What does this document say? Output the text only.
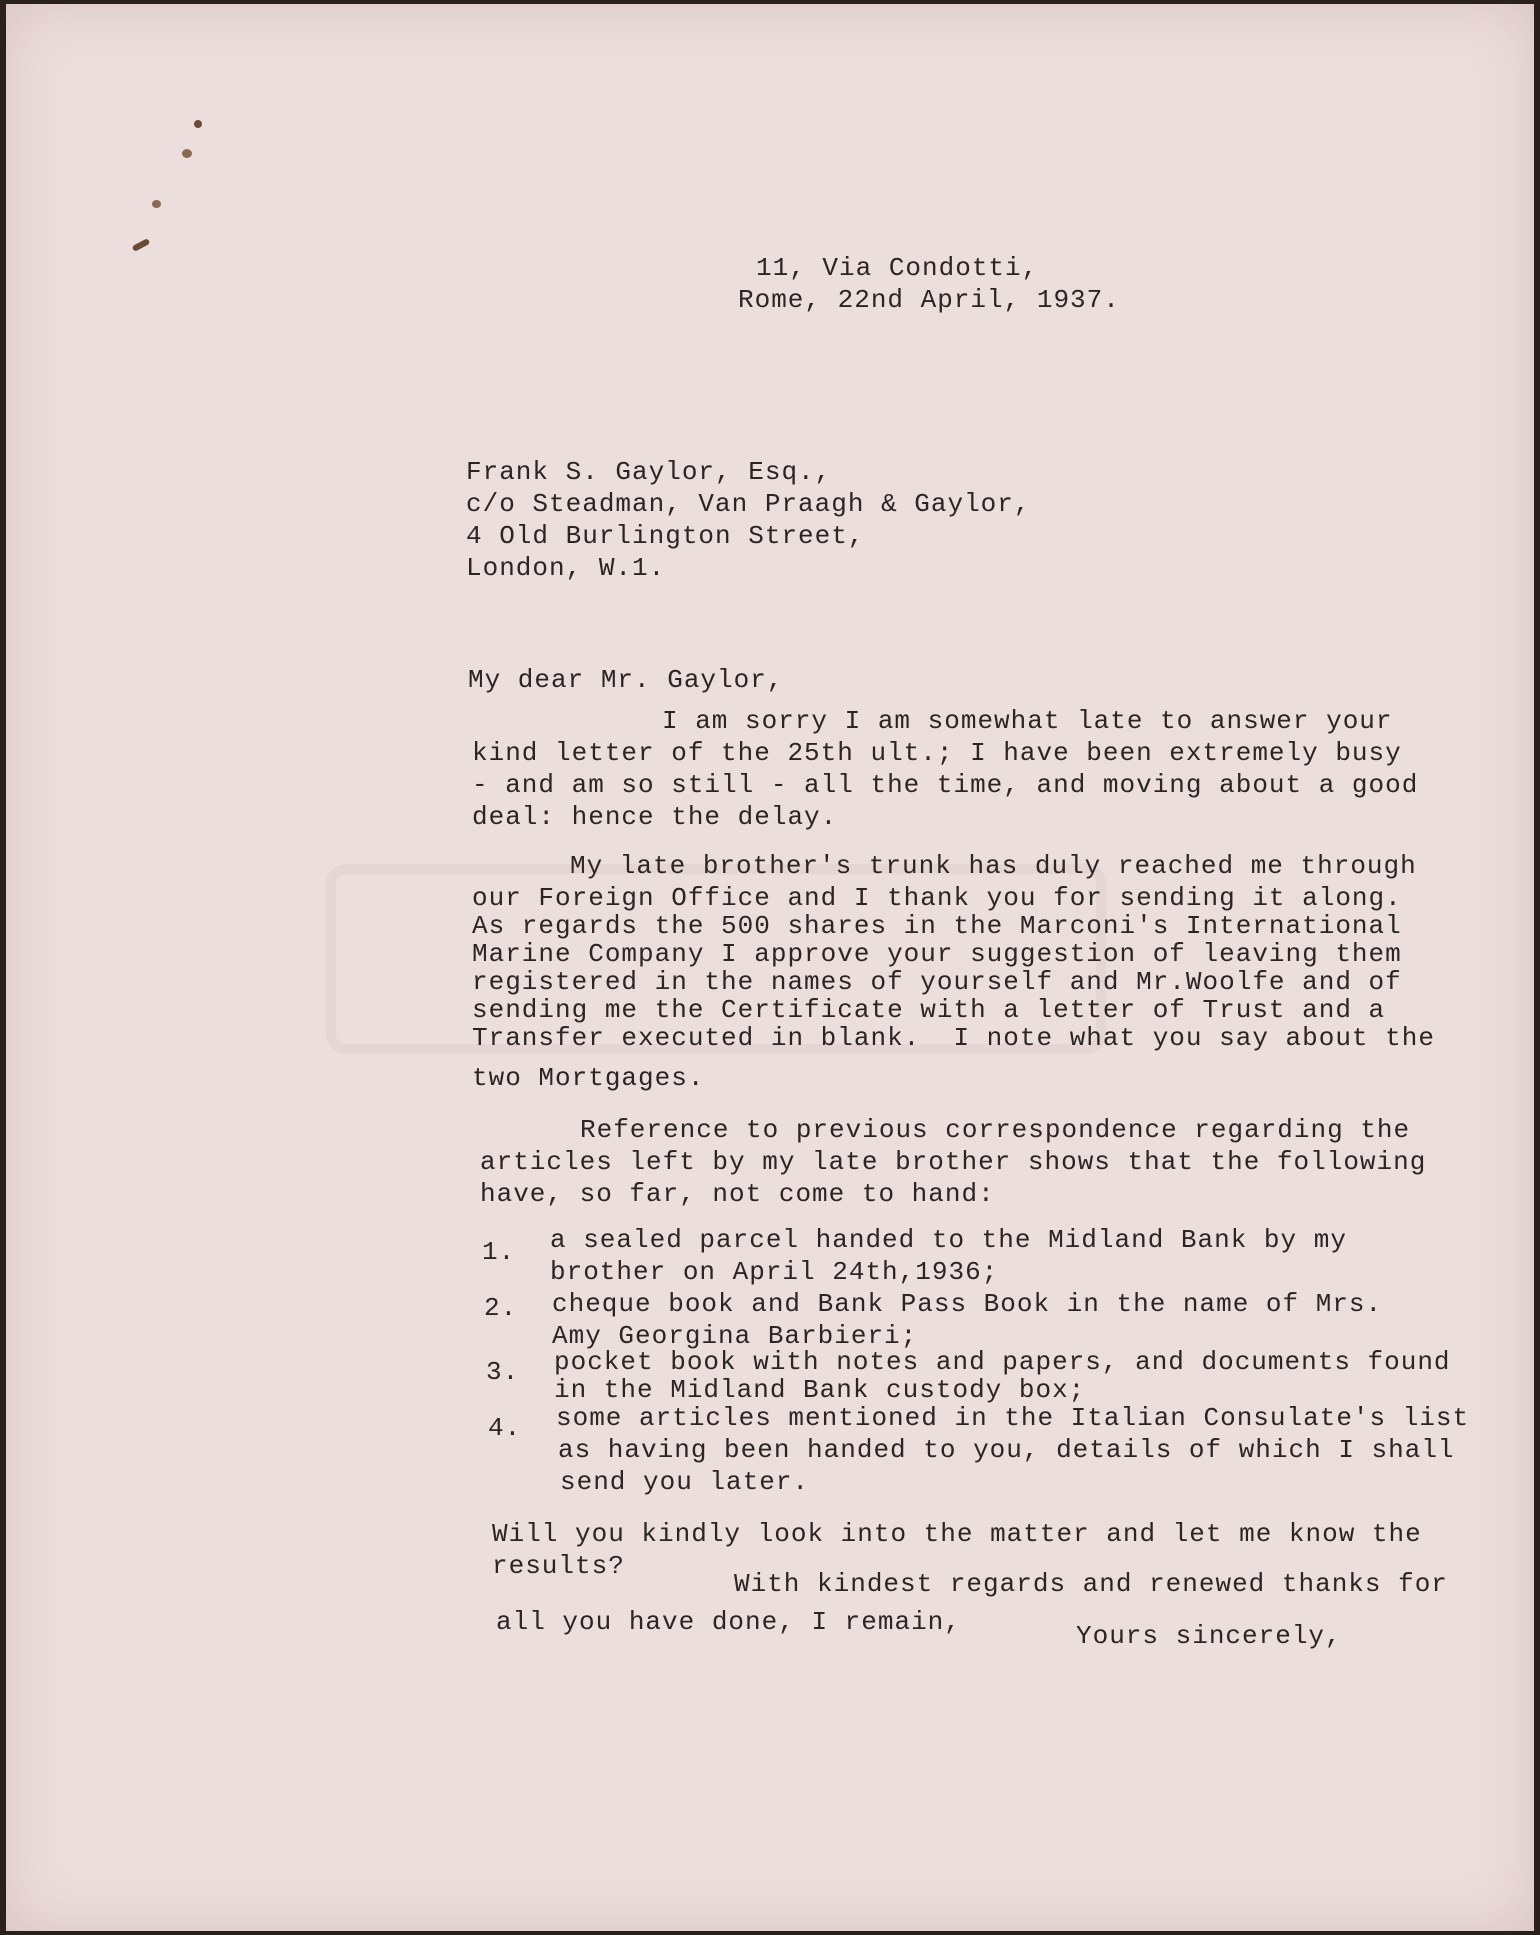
11, Via Condotti,
Rome, 22nd April, 1937.
Frank S. Gaylor, Esq.,
c/o Steadman, Van Praagh & Gaylor,
4 Old Burlington Street,
London, W.1.
My dear Mr. Gaylor,
I am sorry I am somewhat late to answer your
kind letter of the 25th ult.; I have been extremely busy
- and am so still - all the time, and moving about a good
deal: hence the delay.
My late brother's trunk has duly reached me through
our Foreign Office and I thank you for sending it along.
As regards the 500 shares in the Marconi's International
Marine Company I approve your suggestion of leaving them
registered in the names of yourself and Mr.Woolfe and of
sending me the Certificate with a letter of Trust and a
Transfer executed in blank.  I note what you say about the
two Mortgages.
Reference to previous correspondence regarding the
articles left by my late brother shows that the following
have, so far, not come to hand:
1. a sealed parcel handed to the Midland Bank by my
brother on April 24th,1936;
2. cheque book and Bank Pass Book in the name of Mrs.
Amy Georgina Barbieri;
3. pocket book with notes and papers, and documents found
in the Midland Bank custody box;
4. some articles mentioned in the Italian Consulate's list
as having been handed to you, details of which I shall
send you later.
Will you kindly look into the matter and let me know the
results?
With kindest regards and renewed thanks for
all you have done, I remain,	Yours sincerely,
